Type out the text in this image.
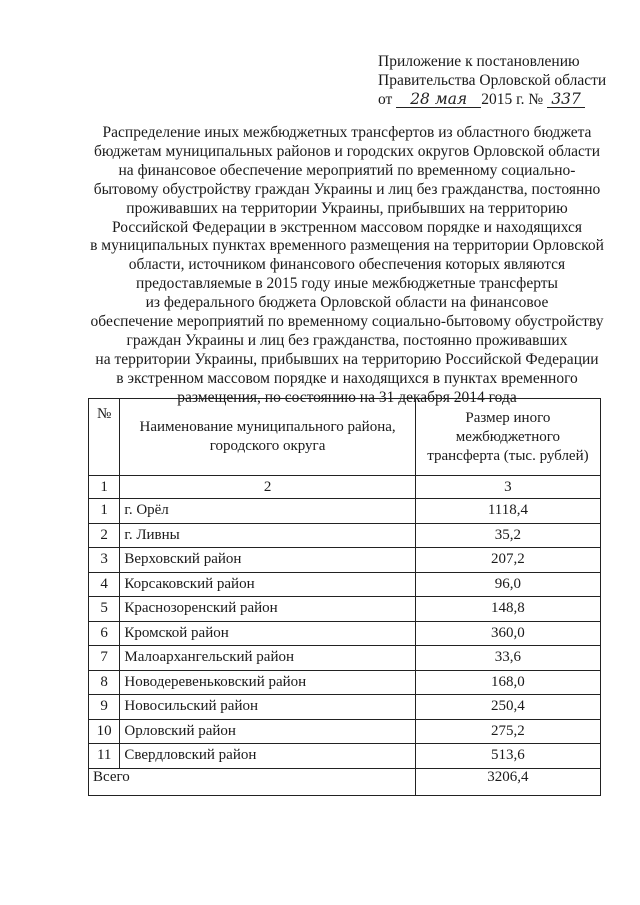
Приложение к постановлению
Правительства Орловской области
от 28 мая 2015 г. № 337
Распределение иных межбюджетных трансфертов из областного бюджета
бюджетам муниципальных районов и городских округов Орловской области
на финансовое обеспечение мероприятий по временному социально-
бытовому обустройству граждан Украины и лиц без гражданства, постоянно
проживавших на территории Украины, прибывших на территорию
Российской Федерации в экстренном массовом порядке и находящихся
в муниципальных пунктах временного размещения на территории Орловской
области, источником финансового обеспечения которых являются
предоставляемые в 2015 году иные межбюджетные трансферты
из федерального бюджета Орловской области на финансовое
обеспечение мероприятий по временному социально-бытовому обустройству
граждан Украины и лиц без гражданства, постоянно проживавших
на территории Украины, прибывших на территорию Российской Федерации
в экстренном массовом порядке и находящихся в пунктах временного
размещения, по состоянию на 31 декабря 2014 года
№	Наименование муниципального района, городского округа	Размер иного межбюджетного трансферта (тыс. рублей)
1	2	3
1	г. Орёл	1118,4
2	г. Ливны	35,2
3	Верховский район	207,2
4	Корсаковский район	96,0
5	Краснозоренский район	148,8
6	Кромской район	360,0
7	Малоархангельский район	33,6
8	Новодеревеньковский район	168,0
9	Новосильский район	250,4
10	Орловский район	275,2
11	Свердловский район	513,6
Всего		3206,4
